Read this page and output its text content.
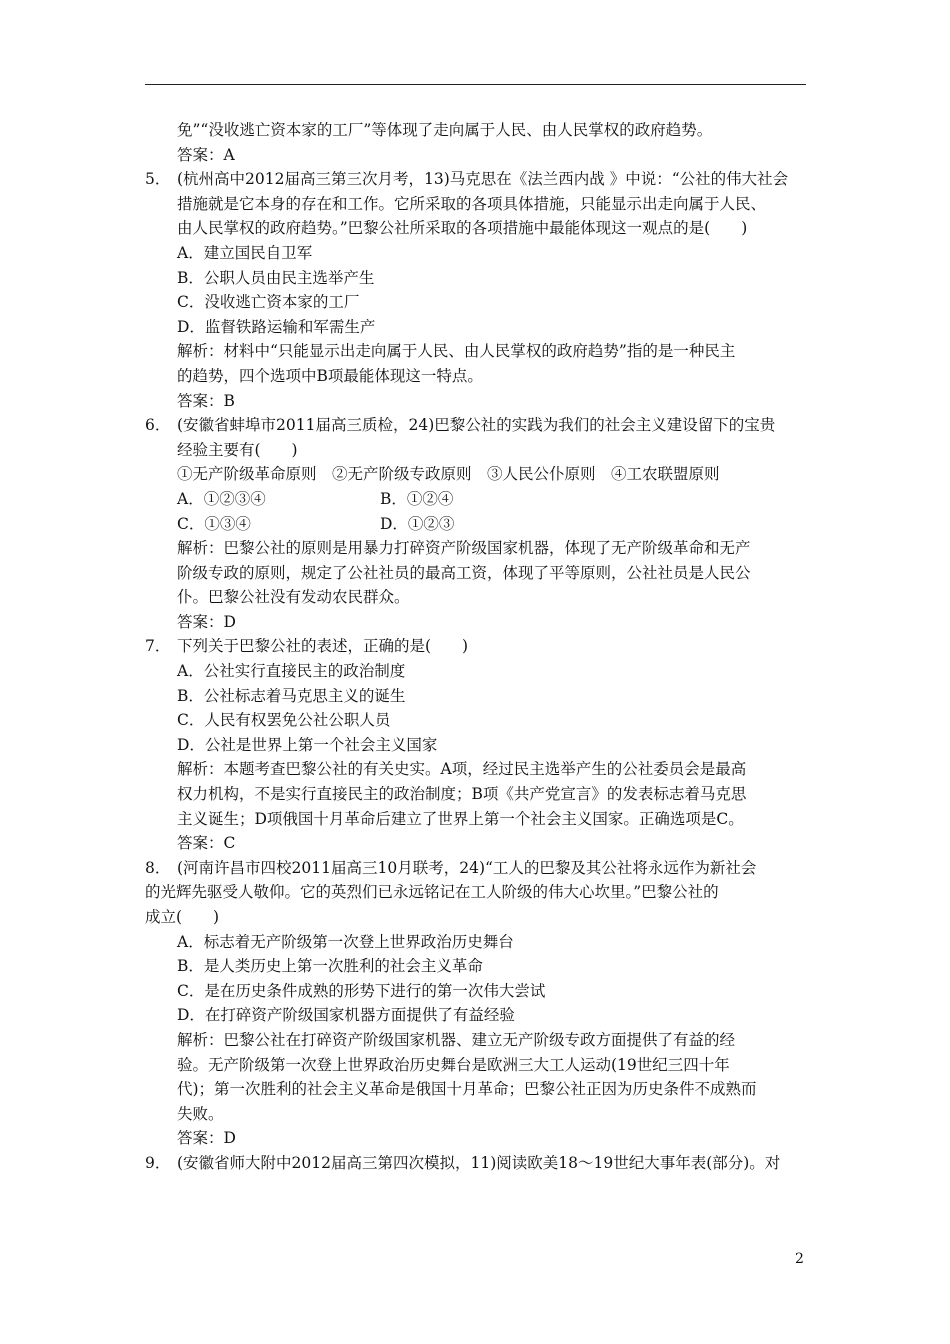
免”“没收逃亡资本家的工厂”等体现了走向属于人民、由人民掌权的政府趋势。
答案：A
5． (杭州高中2012届高三第三次月考，13)马克思在《法兰西内战 》中说：“公社的伟大社会
措施就是它本身的存在和工作。它所采取的各项具体措施，只能显示出走向属于人民、
由人民掌权的政府趋势。”巴黎公社所采取的各项措施中最能体现这一观点的是(　　)
A．建立国民自卫军
B．公职人员由民主选举产生
C．没收逃亡资本家的工厂
D．监督铁路运输和军需生产
解析：材料中“只能显示出走向属于人民、由人民掌权的政府趋势”指的是一种民主
的趋势，四个选项中B项最能体现这一特点。
答案：B
6． (安徽省蚌埠市2011届高三质检，24)巴黎公社的实践为我们的社会主义建设留下的宝贵
经验主要有(　　)
①无产阶级革命原则　②无产阶级专政原则　③人民公仆原则　④工农联盟原则
A．①②③④	B．①②④
C．①③④	D．①②③
解析：巴黎公社的原则是用暴力打碎资产阶级国家机器，体现了无产阶级革命和无产
阶级专政的原则，规定了公社社员的最高工资，体现了平等原则，公社社员是人民公
仆。巴黎公社没有发动农民群众。
答案：D
7． 下列关于巴黎公社的表述，正确的是(　　)
A．公社实行直接民主的政治制度
B．公社标志着马克思主义的诞生
C．人民有权罢免公社公职人员
D．公社是世界上第一个社会主义国家
解析：本题考查巴黎公社的有关史实。A项，经过民主选举产生的公社委员会是最高
权力机构，不是实行直接民主的政治制度；B项《共产党宣言》的发表标志着马克思
主义诞生；D项俄国十月革命后建立了世界上第一个社会主义国家。正确选项是C。
答案：C
8． (河南许昌市四校2011届高三10月联考，24)“工人的巴黎及其公社将永远作为新社会
的光辉先驱受人敬仰。它的英烈们已永远铭记在工人阶级的伟大心坎里。”巴黎公社的
成立(　　)
A．标志着无产阶级第一次登上世界政治历史舞台
B．是人类历史上第一次胜利的社会主义革命
C．是在历史条件成熟的形势下进行的第一次伟大尝试
D．在打碎资产阶级国家机器方面提供了有益经验
解析：巴黎公社在打碎资产阶级国家机器、建立无产阶级专政方面提供了有益的经
验。无产阶级第一次登上世界政治历史舞台是欧洲三大工人运动(19世纪三四十年
代)；第一次胜利的社会主义革命是俄国十月革命；巴黎公社正因为历史条件不成熟而
失败。
答案：D
9． (安徽省师大附中2012届高三第四次模拟，11)阅读欧美18～19世纪大事年表(部分)。对
2
